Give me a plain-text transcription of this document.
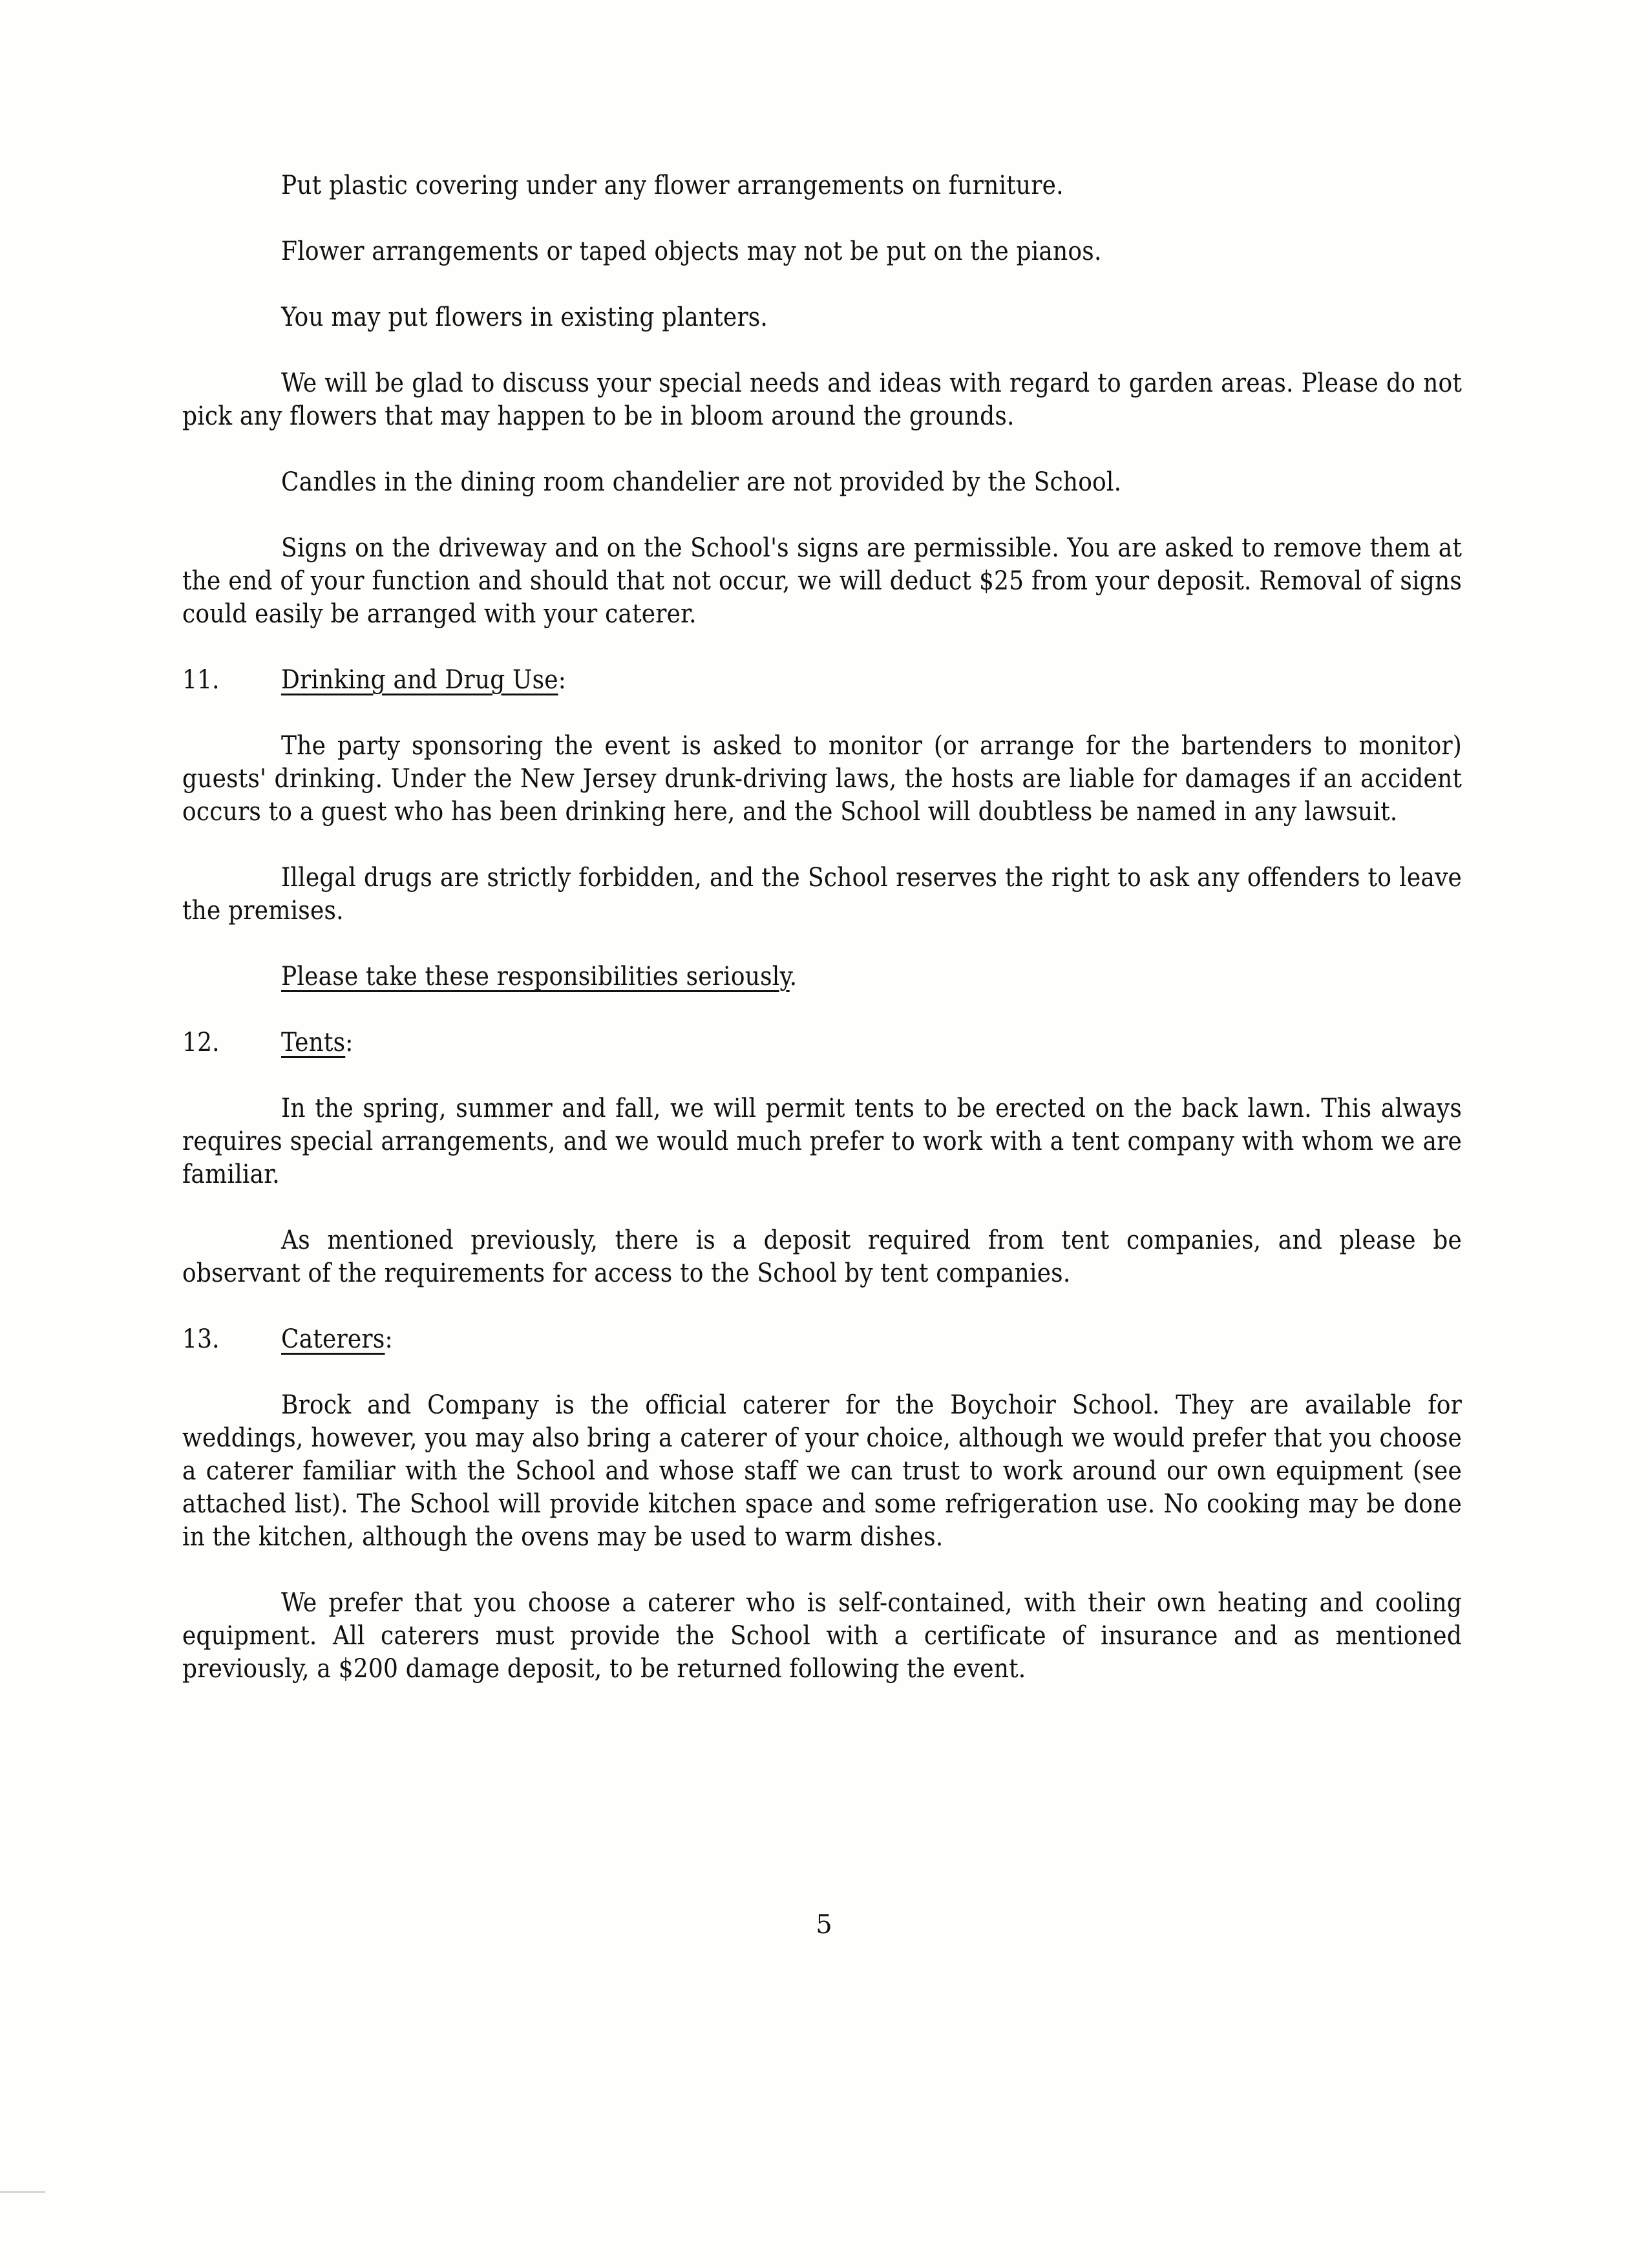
Put plastic covering under any flower arrangements on furniture.

Flower arrangements or taped objects may not be put on the pianos.

You may put flowers in existing planters.

We will be glad to discuss your special needs and ideas with regard to garden areas. Please do not pick any flowers that may happen to be in bloom around the grounds.

Candles in the dining room chandelier are not provided by the School.

Signs on the driveway and on the School's signs are permissible. You are asked to remove them at the end of your function and should that not occur, we will deduct $25 from your deposit. Removal of signs could easily be arranged with your caterer.

11.	Drinking and Drug Use:

The party sponsoring the event is asked to monitor (or arrange for the bartenders to monitor) guests' drinking. Under the New Jersey drunk-driving laws, the hosts are liable for damages if an accident occurs to a guest who has been drinking here, and the School will doubtless be named in any lawsuit.

Illegal drugs are strictly forbidden, and the School reserves the right to ask any offenders to leave the premises.

Please take these responsibilities seriously.

12.	Tents:

In the spring, summer and fall, we will permit tents to be erected on the back lawn. This always requires special arrangements, and we would much prefer to work with a tent company with whom we are familiar.

As mentioned previously, there is a deposit required from tent companies, and please be observant of the requirements for access to the School by tent companies.

13.	Caterers:

Brock and Company is the official caterer for the Boychoir School. They are available for weddings, however, you may also bring a caterer of your choice, although we would prefer that you choose a caterer familiar with the School and whose staff we can trust to work around our own equipment (see attached list). The School will provide kitchen space and some refrigeration use. No cooking may be done in the kitchen, although the ovens may be used to warm dishes.

We prefer that you choose a caterer who is self-contained, with their own heating and cooling equipment. All caterers must provide the School with a certificate of insurance and as mentioned previously, a $200 damage deposit, to be returned following the event.

5
